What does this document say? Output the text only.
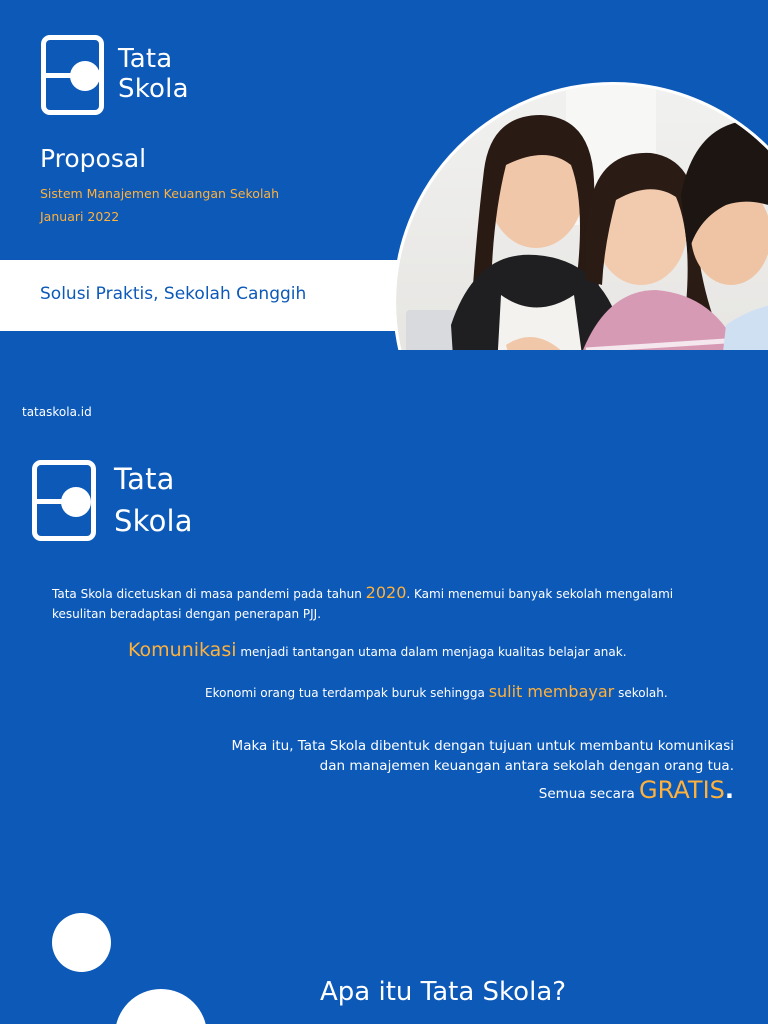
Tata
Skola
Proposal
Sistem Manajemen Keuangan Sekolah
Januari 2022
Solusi Praktis, Sekolah Canggih
tataskola.id
Tata
Skola
Tata Skola dicetuskan di masa pandemi pada tahun 2020. Kami menemui banyak sekolah mengalami kesulitan beradaptasi dengan penerapan PJJ.
Komunikasi menjadi tantangan utama dalam menjaga kualitas belajar anak.
Ekonomi orang tua terdampak buruk sehingga sulit membayar sekolah.
Maka itu, Tata Skola dibentuk dengan tujuan untuk membantu komunikasi
dan manajemen keuangan antara sekolah dengan orang tua.
Semua secara GRATIS.
Apa itu Tata Skola?
